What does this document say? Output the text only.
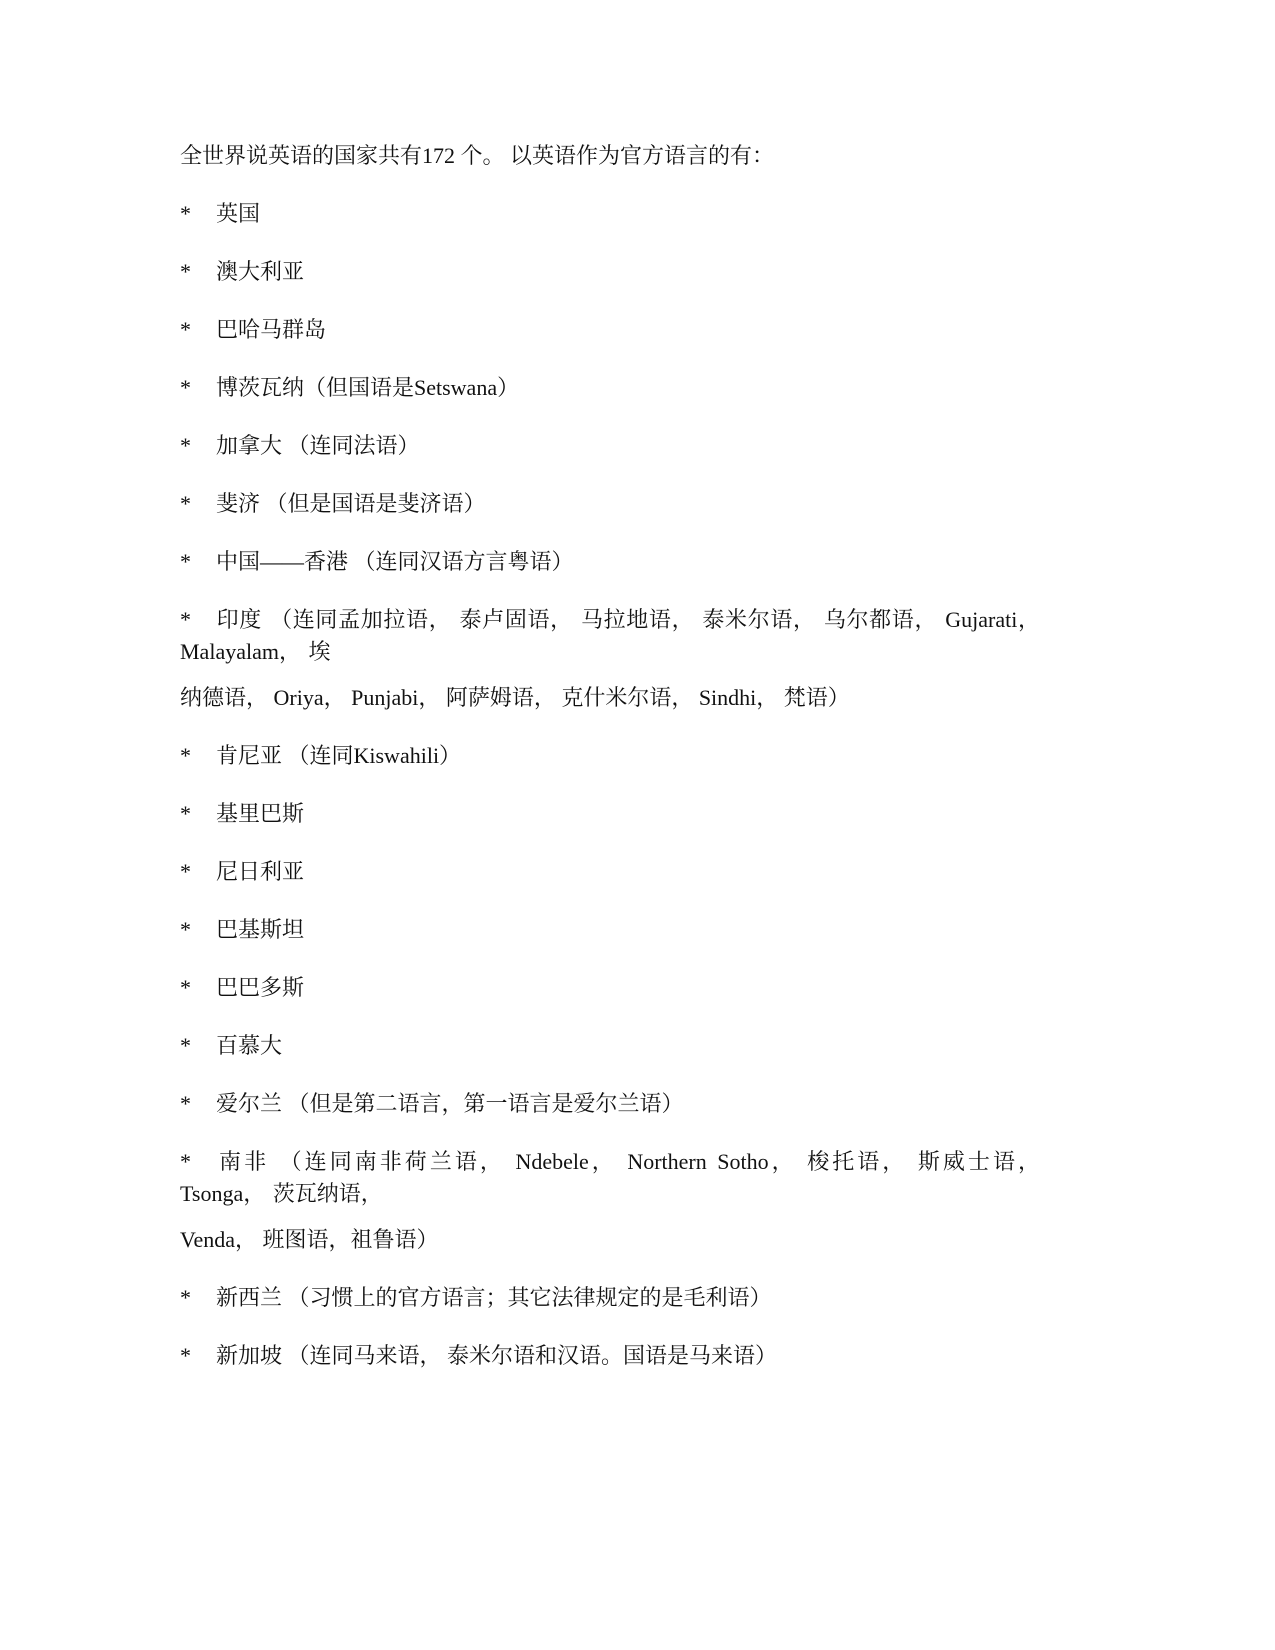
全世界说英语的国家共有172 个。 以英语作为官方语言的有：

* 英国

* 澳大利亚

* 巴哈马群岛

* 博茨瓦纳（但国语是Setswana）

* 加拿大 （连同法语）

* 斐济 （但是国语是斐济语）

* 中国——香港 （连同汉语方言粤语）

* 印度 （连同孟加拉语， 泰卢固语， 马拉地语， 泰米尔语， 乌尔都语， Gujarati， Malayalam， 埃

纳德语， Oriya， Punjabi， 阿萨姆语， 克什米尔语， Sindhi， 梵语）

* 肯尼亚 （连同Kiswahili）

* 基里巴斯

* 尼日利亚

* 巴基斯坦

* 巴巴多斯

* 百慕大

* 爱尔兰 （但是第二语言，第一语言是爱尔兰语）

* 南非 （连同南非荷兰语， Ndebele， Northern Sotho， 梭托语， 斯威士语， Tsonga， 茨瓦纳语，

Venda， 班图语，祖鲁语）

* 新西兰 （习惯上的官方语言；其它法律规定的是毛利语）

* 新加坡 （连同马来语， 泰米尔语和汉语。国语是马来语）
